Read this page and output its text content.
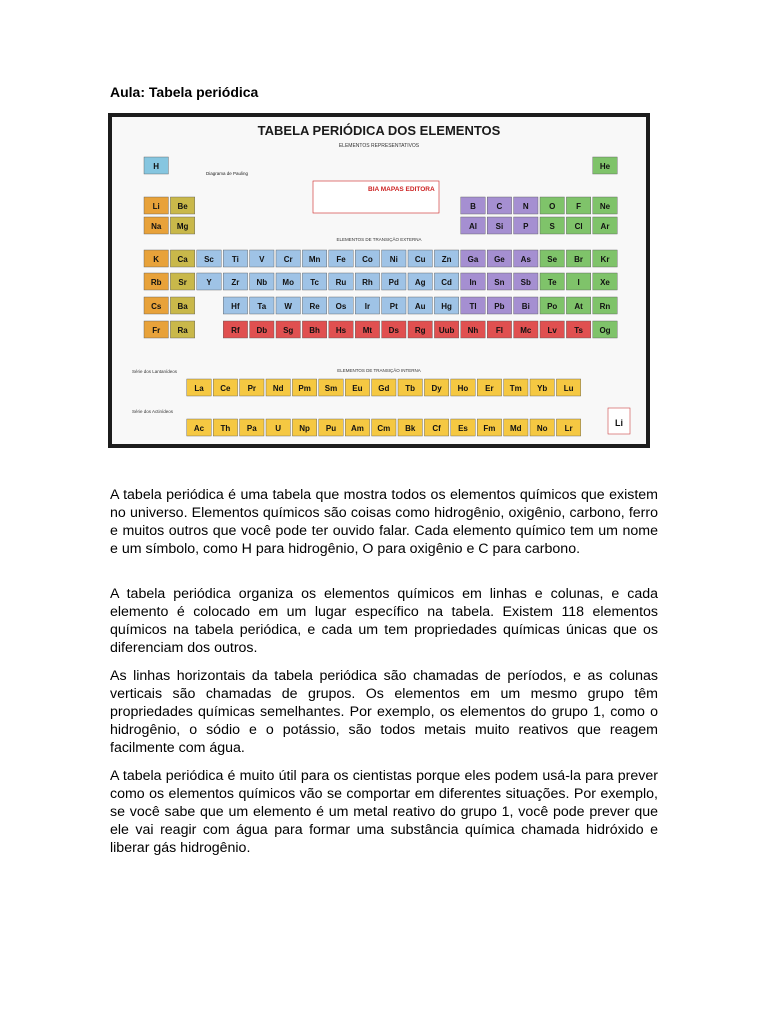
Aula: Tabela periódica
TABELA PERIÓDICA DOS ELEMENTOS
ELEMENTOS REPRESENTATIVOS
Diagrama de Pauling
BIA MAPAS EDITORA
ELEMENTOS DE TRANSIÇÃO EXTERNA
ELEMENTOS DE TRANSIÇÃO INTERNA
Série dos Lantanídeos
Série dos Actinídeos
H	He
Li Be	B	C	N	O	F Ne
Na Mg	Al Si P	S Cl Ar
K Ca Sc Ti	V Cr Mn Fe Co Ni Cu Zn Ga Ge As Se Br Kr
Rb Sr Y Zr Nb Mo Tc Ru Rh Pd Ag Cd In Sn Sb Te	I	Xe
Cs Ba	Hf Ta W Re Os Ir Pt Au Hg Tl Pb Bi Po At Rn
Fr Ra	Rf Db Sg Bh Hs Mt Ds Rg Uub Nh Fl Mc Lv Ts Og
La Ce Pr Nd Pm Sm Eu Gd Tb Dy Ho Er Tm Yb Lu
Ac Th Pa U Np Pu Am Cm Bk Cf Es Fm Md No Lr
Li

A tabela periódica é uma tabela que mostra todos os elementos químicos que existem no universo. Elementos químicos são coisas como hidrogênio, oxigênio, carbono, ferro e muitos outros que você pode ter ouvido falar. Cada elemento químico tem um nome e um símbolo, como H para hidrogênio, O para oxigênio e C para carbono.

A tabela periódica organiza os elementos químicos em linhas e colunas, e cada elemento é colocado em um lugar específico na tabela. Existem 118 elementos químicos na tabela periódica, e cada um tem propriedades químicas únicas que os diferenciam dos outros.

As linhas horizontais da tabela periódica são chamadas de períodos, e as colunas verticais são chamadas de grupos. Os elementos em um mesmo grupo têm propriedades químicas semelhantes. Por exemplo, os elementos do grupo 1, como o hidrogênio, o sódio e o potássio, são todos metais muito reativos que reagem facilmente com água.

A tabela periódica é muito útil para os cientistas porque eles podem usá-la para prever como os elementos químicos vão se comportar em diferentes situações. Por exemplo, se você sabe que um elemento é um metal reativo do grupo 1, você pode prever que ele vai reagir com água para formar uma substância química chamada hidróxido e liberar gás hidrogênio.
